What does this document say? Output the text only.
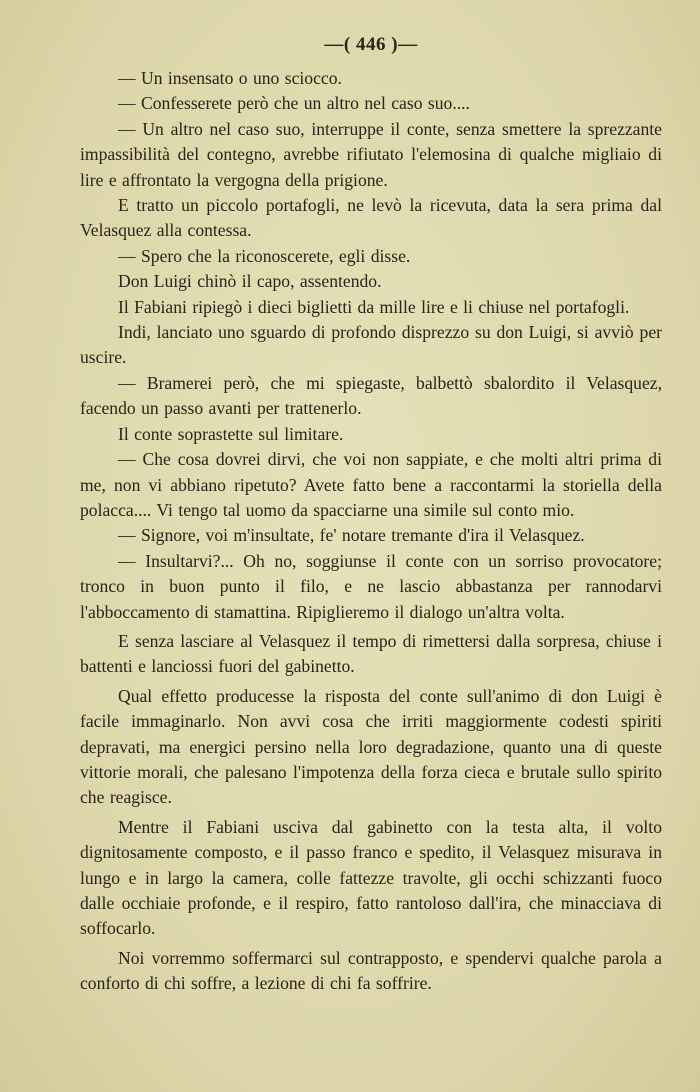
—( 446 )—

— Un insensato o uno sciocco.

— Confesserete però che un altro nel caso suo....

— Un altro nel caso suo, interruppe il conte, senza smettere la sprezzante impassibilità del contegno, avrebbe rifiutato l'elemosina di qualche migliaio di lire e affrontato la vergogna della prigione.

E tratto un piccolo portafogli, ne levò la ricevuta, data la sera prima dal Velasquez alla contessa.

— Spero che la riconoscerete, egli disse.

Don Luigi chinò il capo, assentendo.

Il Fabiani ripiegò i dieci biglietti da mille lire e li chiuse nel portafogli.

Indi, lanciato uno sguardo di profondo disprezzo su don Luigi, si avviò per uscire.

— Bramerei però, che mi spiegaste, balbettò sbalordito il Velasquez, facendo un passo avanti per trattenerlo.

Il conte soprastette sul limitare.

— Che cosa dovrei dirvi, che voi non sappiate, e che molti altri prima di me, non vi abbiano ripetuto? Avete fatto bene a raccontarmi la storiella della polacca.... Vi tengo tal uomo da spacciarne una simile sul conto mio.

— Signore, voi m'insultate, fe' notare tremante d'ira il Velasquez.

— Insultarvi?... Oh no, soggiunse il conte con un sorriso provocatore; tronco in buon punto il filo, e ne lascio abbastanza per rannodarvi l'abboccamento di stamattina. Ripiglieremo il dialogo un'altra volta.

E senza lasciare al Velasquez il tempo di rimettersi dalla sorpresa, chiuse i battenti e lanciossi fuori del gabinetto.

Qual effetto producesse la risposta del conte sull'animo di don Luigi è facile immaginarlo. Non avvi cosa che irriti maggiormente codesti spiriti depravati, ma energici persino nella loro degradazione, quanto una di queste vittorie morali, che palesano l'impotenza della forza cieca e brutale sullo spirito che reagisce.

Mentre il Fabiani usciva dal gabinetto con la testa alta, il volto dignitosamente composto, e il passo franco e spedito, il Velasquez misurava in lungo e in largo la camera, colle fattezze travolte, gli occhi schizzanti fuoco dalle occhiaie profonde, e il respiro, fatto rantoloso dall'ira, che minacciava di soffocarlo.

Noi vorremmo soffermarci sul contrapposto, e spendervi qualche parola a conforto di chi soffre, a lezione di chi fa soffrire.
